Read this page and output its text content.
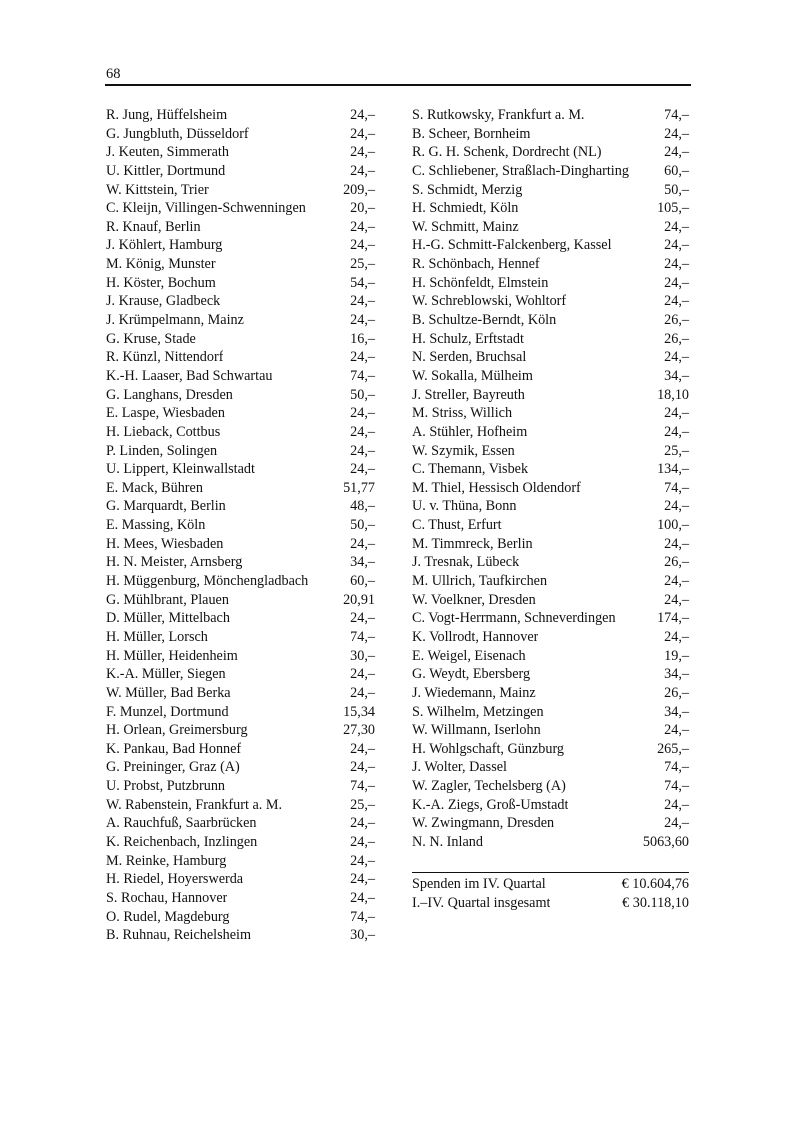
68
R. Jung, Hüffelsheim	24,–
G. Jungbluth, Düsseldorf	24,–
J. Keuten, Simmerath	24,–
U. Kittler, Dortmund	24,–
W. Kittstein, Trier	209,–
C. Kleijn, Villingen-Schwenningen	20,–
R. Knauf, Berlin	24,–
J. Köhlert, Hamburg	24,–
M. König, Munster	25,–
H. Köster, Bochum	54,–
J. Krause, Gladbeck	24,–
J. Krümpelmann, Mainz	24,–
G. Kruse, Stade	16,–
R. Künzl, Nittendorf	24,–
K.-H. Laaser, Bad Schwartau	74,–
G. Langhans, Dresden	50,–
E. Laspe, Wiesbaden	24,–
H. Lieback, Cottbus	24,–
P. Linden, Solingen	24,–
U. Lippert, Kleinwallstadt	24,–
E. Mack, Bühren	51,77
G. Marquardt, Berlin	48,–
E. Massing, Köln	50,–
H. Mees, Wiesbaden	24,–
H. N. Meister, Arnsberg	34,–
H. Müggenburg, Mönchengladbach	60,–
G. Mühlbrant, Plauen	20,91
D. Müller, Mittelbach	24,–
H. Müller, Lorsch	74,–
H. Müller, Heidenheim	30,–
K.-A. Müller, Siegen	24,–
W. Müller, Bad Berka	24,–
F. Munzel, Dortmund	15,34
H. Orlean, Greimersburg	27,30
K. Pankau, Bad Honnef	24,–
G. Preininger, Graz (A)	24,–
U. Probst, Putzbrunn	74,–
W. Rabenstein, Frankfurt a. M.	25,–
A. Rauchfuß, Saarbrücken	24,–
K. Reichenbach, Inzlingen	24,–
M. Reinke, Hamburg	24,–
H. Riedel, Hoyerswerda	24,–
S. Rochau, Hannover	24,–
O. Rudel, Magdeburg	74,–
B. Ruhnau, Reichelsheim	30,–
S. Rutkowsky, Frankfurt a. M.	74,–
B. Scheer, Bornheim	24,–
R. G. H. Schenk, Dordrecht (NL)	24,–
C. Schliebener, Straßlach-Dingharting 60,–
S. Schmidt, Merzig	50,–
H. Schmiedt, Köln	105,–
W. Schmitt, Mainz	24,–
H.-G. Schmitt-Falckenberg, Kassel	24,–
R. Schönbach, Hennef	24,–
H. Schönfeldt, Elmstein	24,–
W. Schreblowski, Wohltorf	24,–
B. Schultze-Berndt, Köln	26,–
H. Schulz, Erftstadt	26,–
N. Serden, Bruchsal	24,–
W. Sokalla, Mülheim	34,–
J. Streller, Bayreuth	18,10
M. Striss, Willich	24,–
A. Stühler, Hofheim	24,–
W. Szymik, Essen	25,–
C. Themann, Visbek	134,–
M. Thiel, Hessisch Oldendorf	74,–
U. v. Thüna, Bonn	24,–
C. Thust, Erfurt	100,–
M. Timmreck, Berlin	24,–
J. Tresnak, Lübeck	26,–
M. Ullrich, Taufkirchen	24,–
W. Voelkner, Dresden	24,–
C. Vogt-Herrmann, Schneverdingen	174,–
K. Vollrodt, Hannover	24,–
E. Weigel, Eisenach	19,–
G. Weydt, Ebersberg	34,–
J. Wiedemann, Mainz	26,–
S. Wilhelm, Metzingen	34,–
W. Willmann, Iserlohn	24,–
H. Wohlgschaft, Günzburg	265,–
J. Wolter, Dassel	74,–
W. Zagler, Techelsberg (A)	74,–
K.-A. Ziegs, Groß-Umstadt	24,–
W. Zwingmann, Dresden	24,–
N. N. Inland	5063,60
Spenden im IV. Quartal	€ 10.604,76
I.–IV. Quartal insgesamt	€ 30.118,10
